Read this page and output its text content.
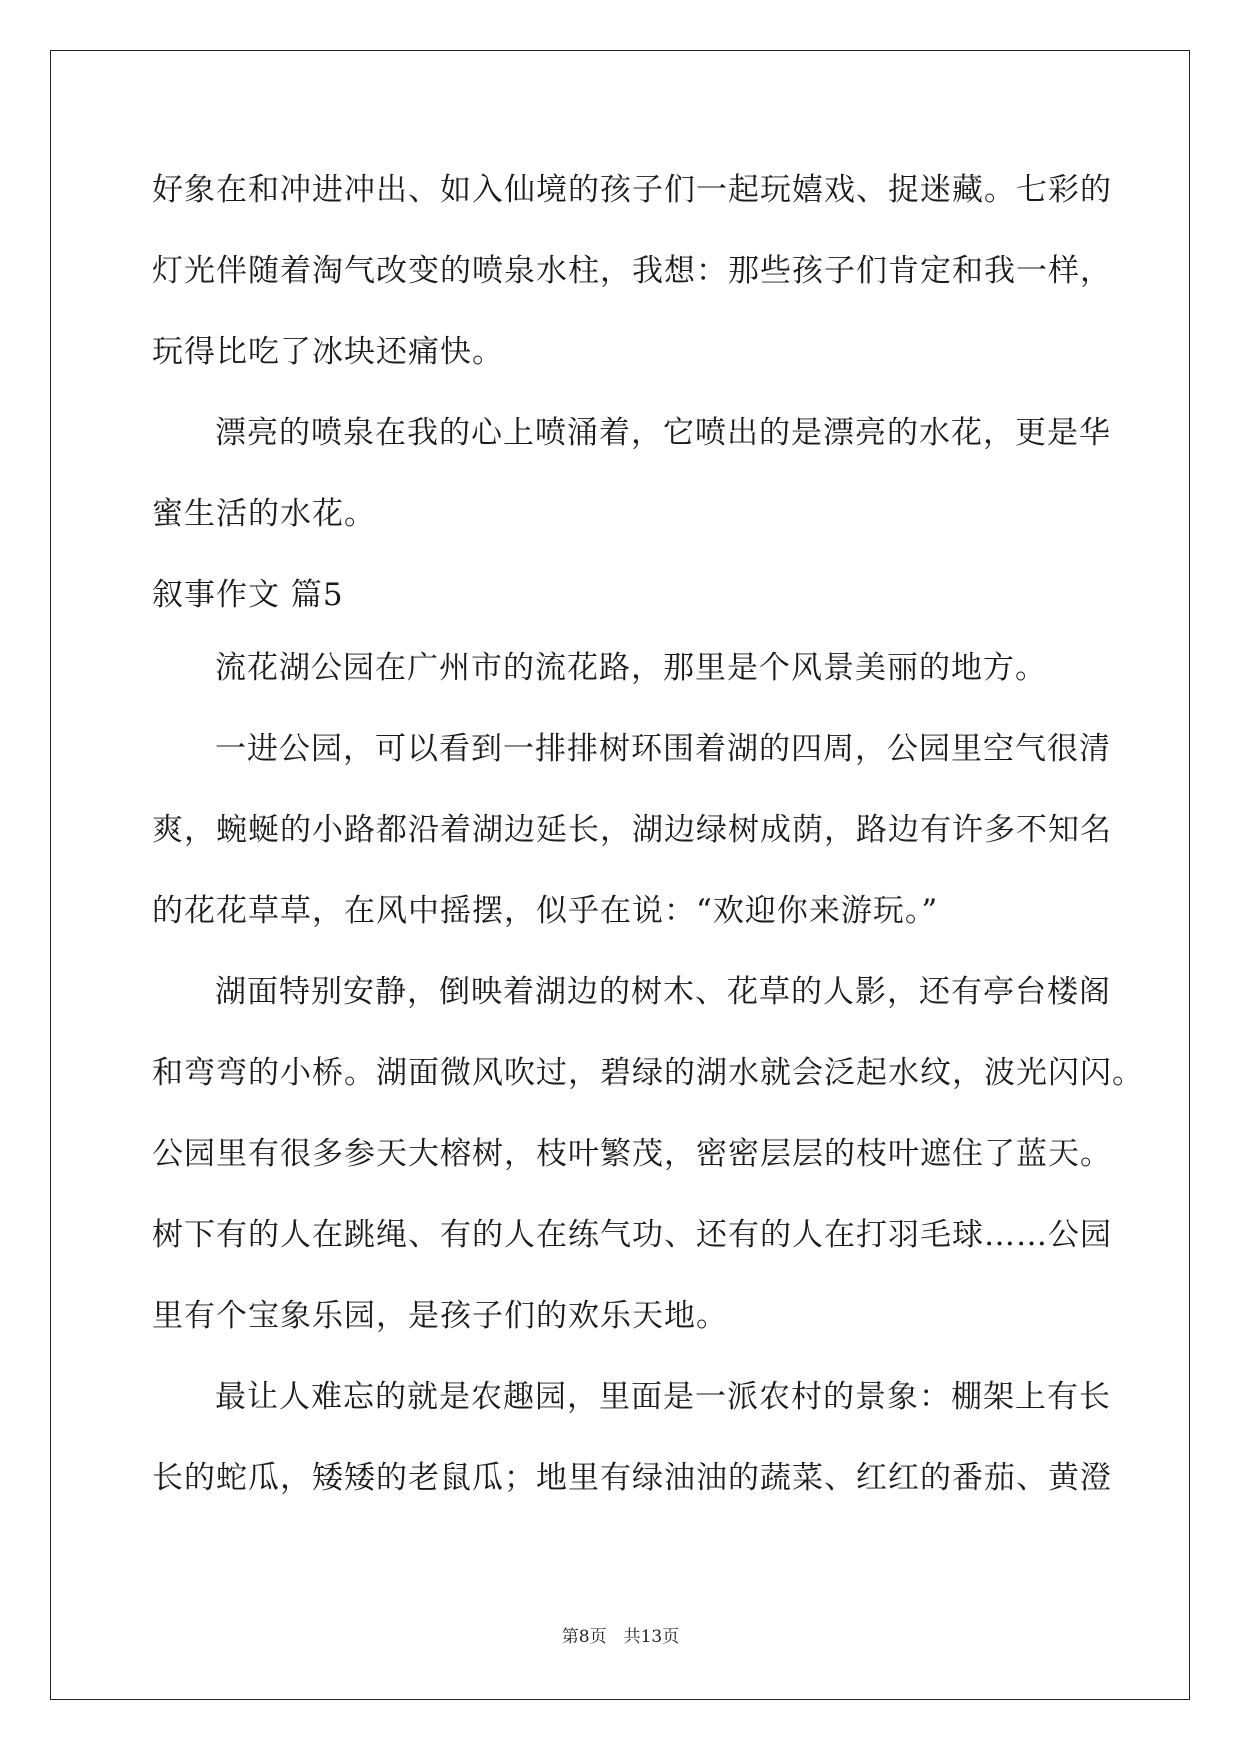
好象在和冲进冲出、如入仙境的孩子们一起玩嬉戏、捉迷藏。七彩的
灯光伴随着淘气改变的喷泉水柱，我想：那些孩子们肯定和我一样，
玩得比吃了冰块还痛快。
漂亮的喷泉在我的心上喷涌着，它喷出的是漂亮的水花，更是华
蜜生活的水花。
叙事作文 篇5
流花湖公园在广州市的流花路，那里是个风景美丽的地方。
一进公园，可以看到一排排树环围着湖的四周，公园里空气很清
爽，蜿蜒的小路都沿着湖边延长，湖边绿树成荫，路边有许多不知名
的花花草草，在风中摇摆，似乎在说：“欢迎你来游玩。”
湖面特别安静，倒映着湖边的树木、花草的人影，还有亭台楼阁
和弯弯的小桥。湖面微风吹过，碧绿的湖水就会泛起水纹，波光闪闪。
公园里有很多参天大榕树，枝叶繁茂，密密层层的枝叶遮住了蓝天。
树下有的人在跳绳、有的人在练气功、还有的人在打羽毛球……公园
里有个宝象乐园，是孩子们的欢乐天地。
最让人难忘的就是农趣园，里面是一派农村的景象：棚架上有长
长的蛇瓜，矮矮的老鼠瓜；地里有绿油油的蔬菜、红红的番茄、黄澄
第8页　共13页
